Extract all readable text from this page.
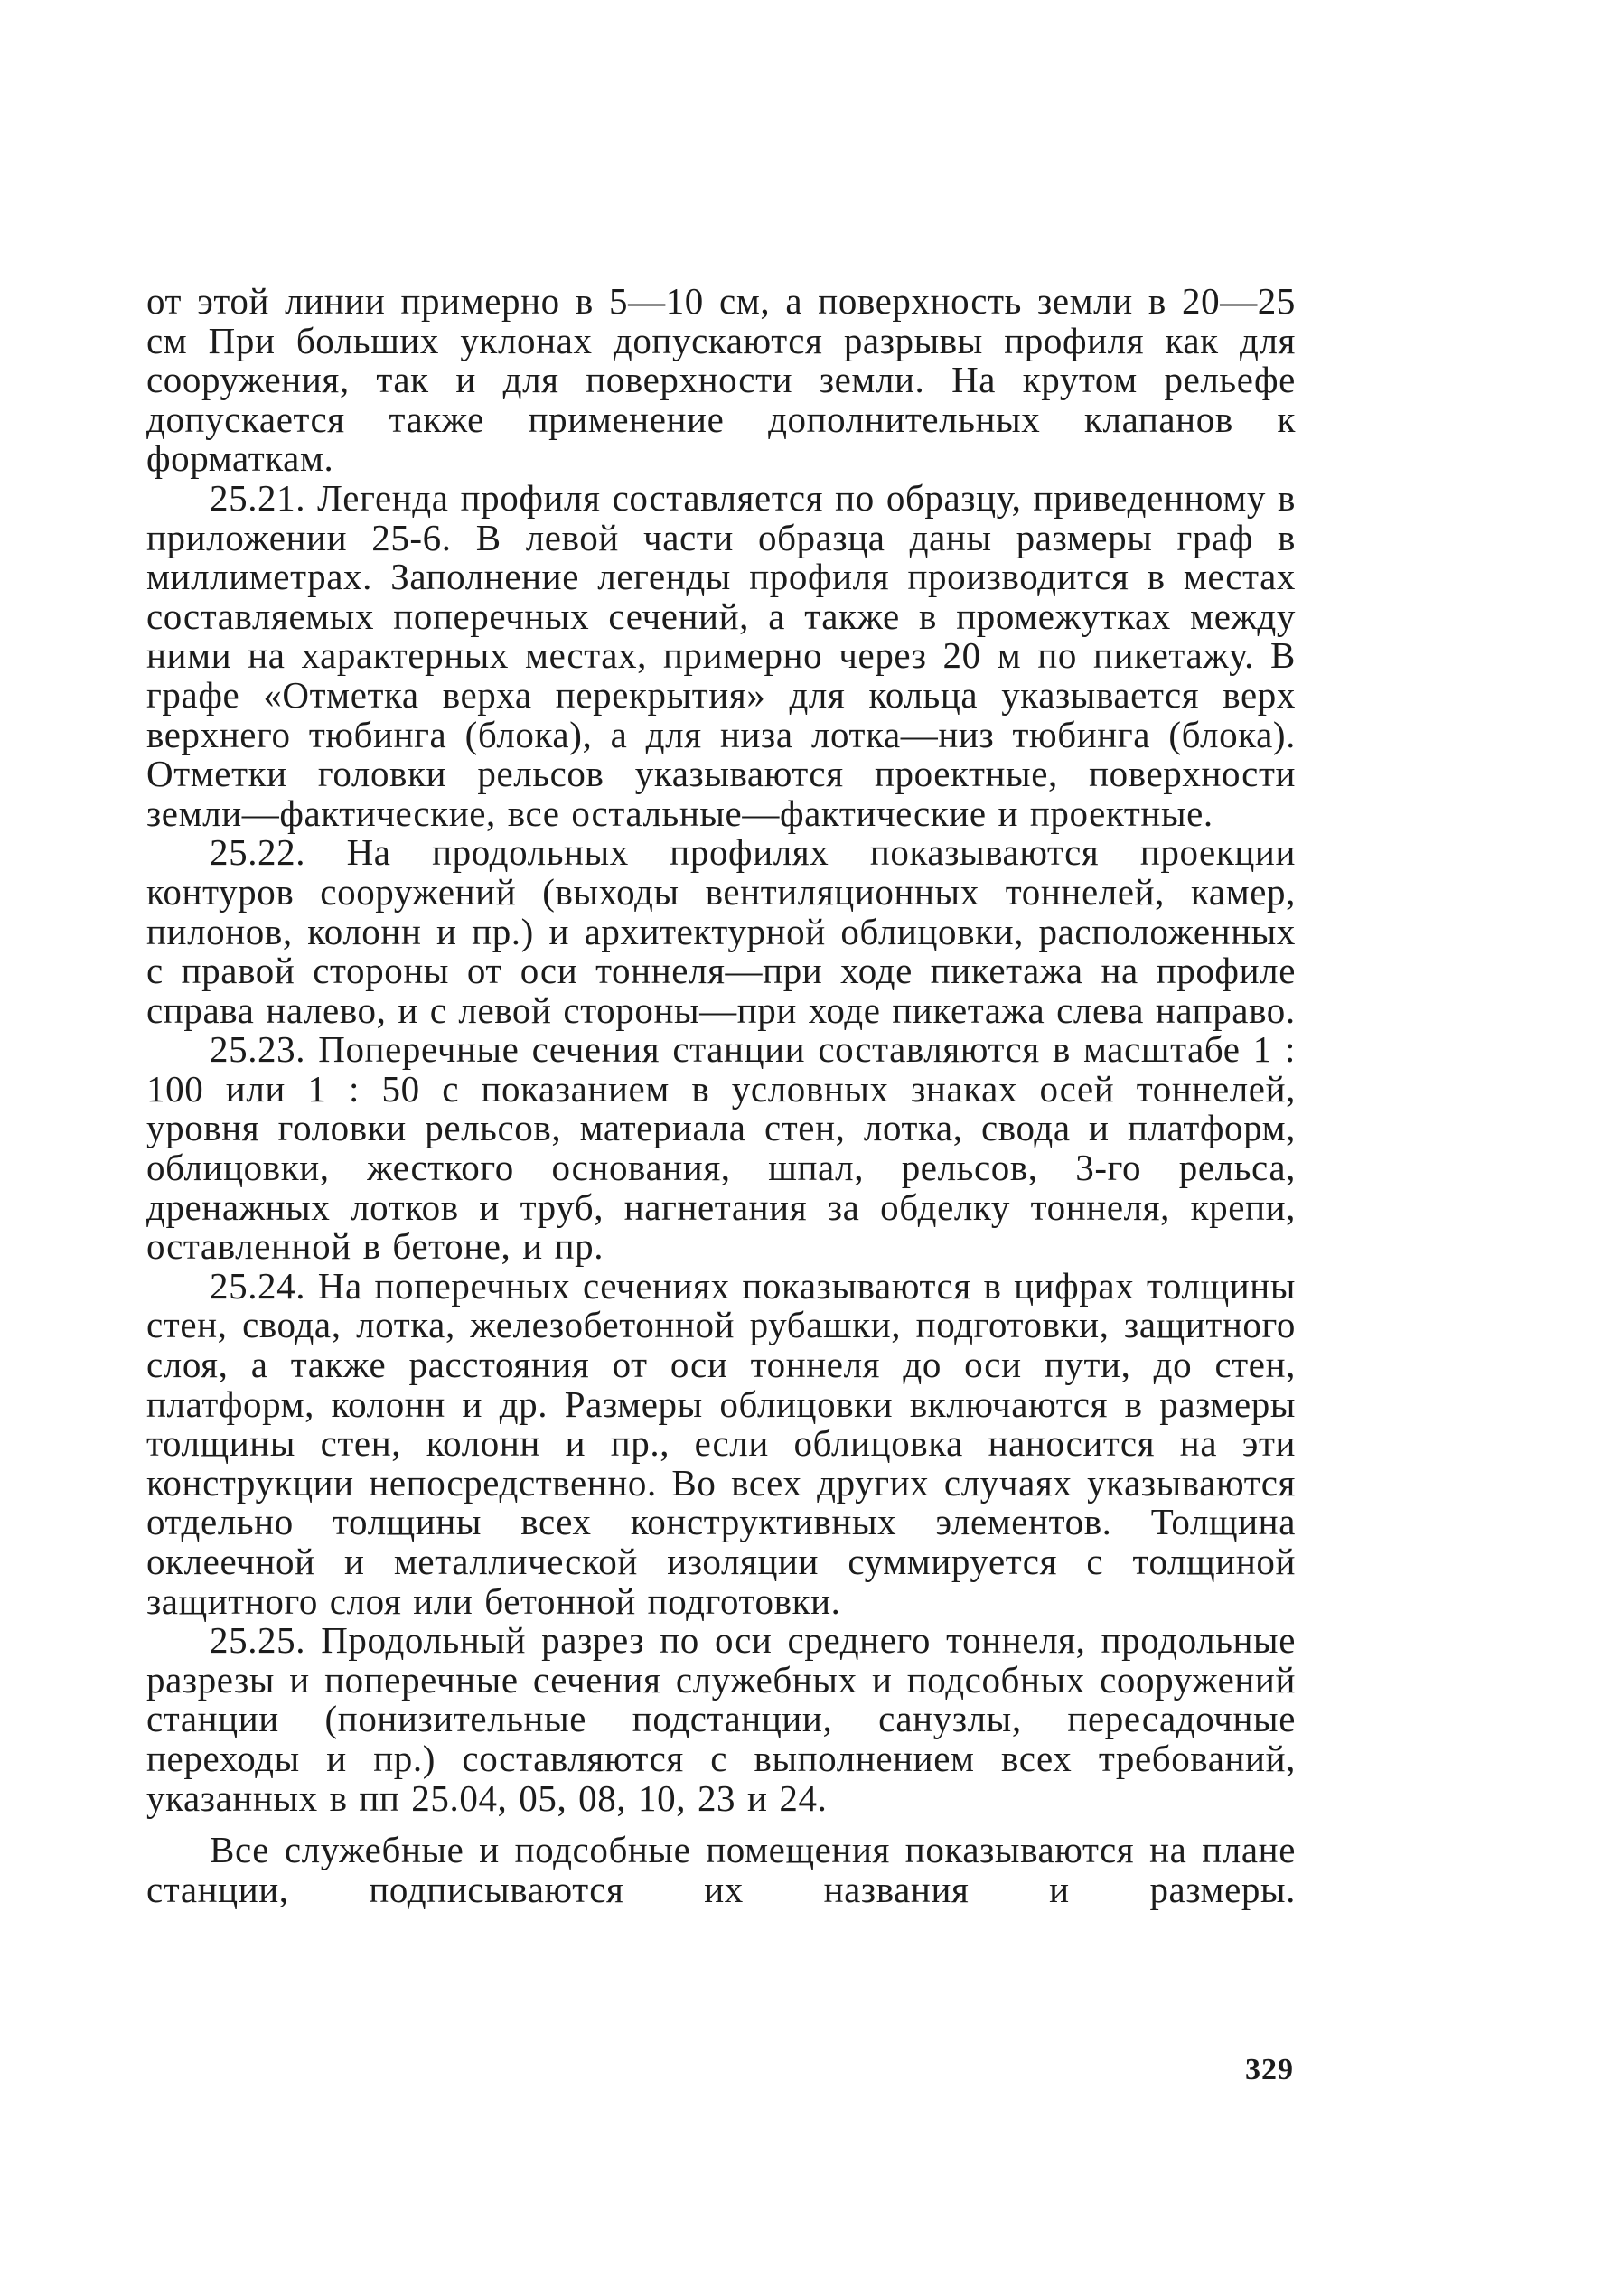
от этой линии примерно в 5—10 см, а поверхность земли в 20—25 см При больших уклонах допускаются разрывы профиля как для сооружения, так и для поверхности земли. На крутом рельефе допускается также применение дополнительных клапанов к форматкам.

25.21. Легенда профиля составляется по образцу, приведенному в приложении 25-6. В левой части образца даны размеры граф в миллиметрах. Заполнение легенды профиля производится в местах составляемых поперечных сечений, а также в промежутках между ними на характерных местах, примерно через 20 м по пикетажу. В графе «Отметка верха перекрытия» для кольца указывается верх верхнего тюбинга (блока), а для низа лотка—низ тюбинга (блока). Отметки головки рельсов указываются проектные, поверхности земли—фактические, все остальные—фактические и проектные.

25.22. На продольных профилях показываются проекции контуров сооружений (выходы вентиляционных тоннелей, камер, пилонов, колонн и пр.) и архитектурной облицовки, расположенных с правой стороны от оси тоннеля—при ходе пикетажа на профиле справа налево, и с левой стороны—при ходе пикетажа слева направо.

25.23. Поперечные сечения станции составляются в масштабе 1 : 100 или 1 : 50 с показанием в условных знаках осей тоннелей, уровня головки рельсов, материала стен, лотка, свода и платформ, облицовки, жесткого основания, шпал, рельсов, 3-го рельса, дренажных лотков и труб, нагнетания за обделку тоннеля, крепи, оставленной в бетоне, и пр.

25.24. На поперечных сечениях показываются в цифрах толщины стен, свода, лотка, железобетонной рубашки, подготовки, защитного слоя, а также расстояния от оси тоннеля до оси пути, до стен, платформ, колонн и др. Размеры облицовки включаются в размеры толщины стен, колонн и пр., если облицовка наносится на эти конструкции непосредственно. Во всех других случаях указываются отдельно толщины всех конструктивных элементов. Толщина оклеечной и металлической изоляции суммируется с толщиной защитного слоя или бетонной подготовки.

25.25. Продольный разрез по оси среднего тоннеля, продольные разрезы и поперечные сечения служебных и подсобных сооружений станции (понизительные подстанции, санузлы, пересадочные переходы и пр.) составляются с выполнением всех требований, указанных в пп 25.04, 05, 08, 10, 23 и 24.

Все служебные и подсобные помещения показываются на плане станции, подписываются их названия и размеры.

329
